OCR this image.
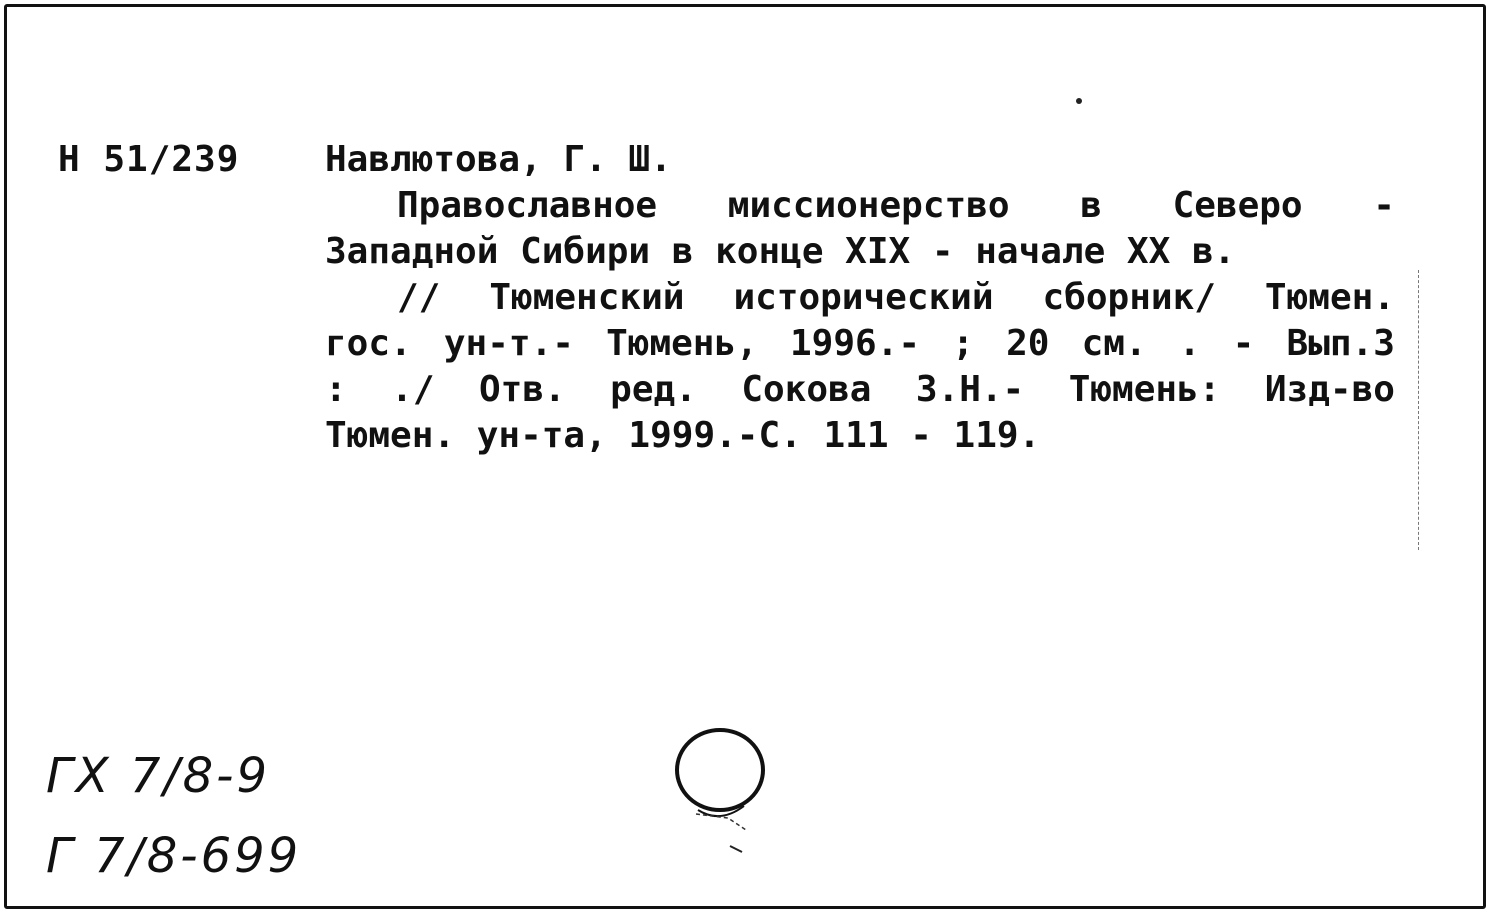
Н 51/239 Навлютова, Г. Ш.
Православное миссионерство в Северо -
Западной Сибири в конце XIX - начале XX в.
// Тюменский исторический сборник/ Тюмен.
гос. ун-т.- Тюмень, 1996.- ; 20 см. . - Вып.3
: ./ Отв. ред. Сокова З.Н.- Тюмень: Изд-во
Тюмен. ун-та, 1999.-С. 111 - 119.
ГХ 7/8-9
Г 7/8-699
